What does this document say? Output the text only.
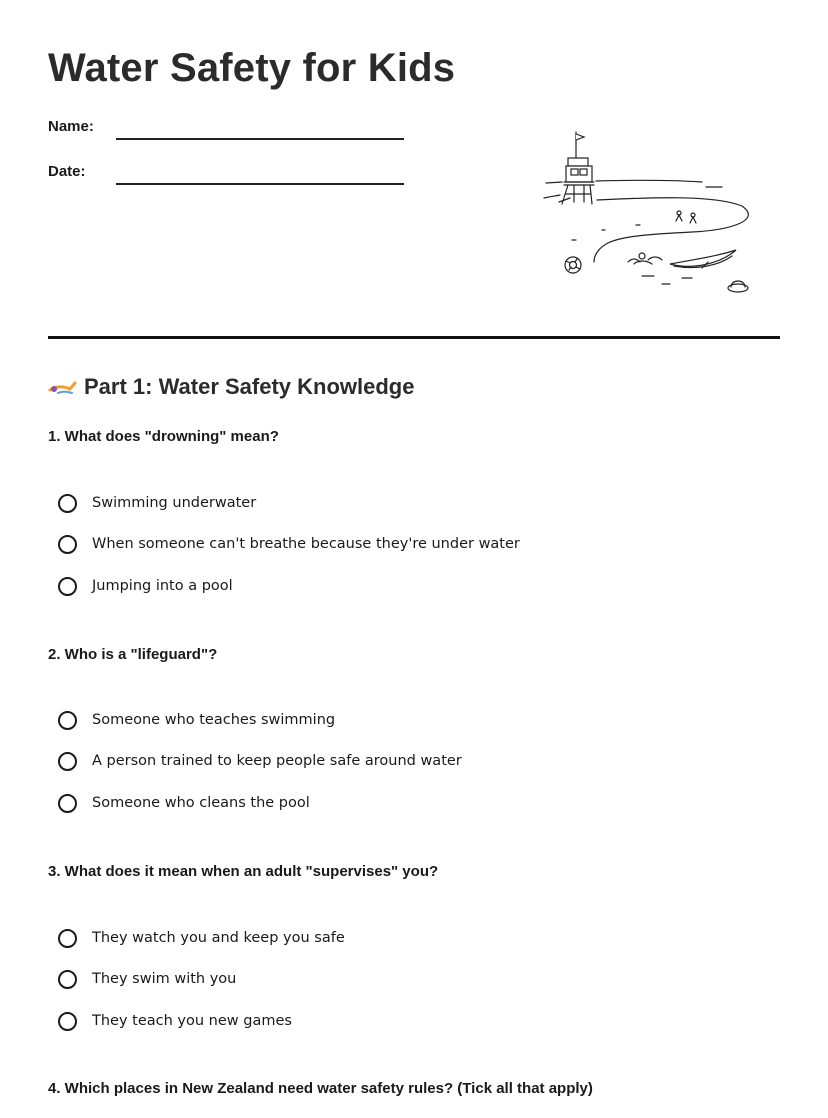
Water Safety for Kids
Name:
Date:
Part 1: Water Safety Knowledge
1. What does "drowning" mean?
Swimming underwater
When someone can't breathe because they're under water
Jumping into a pool
2. Who is a "lifeguard"?
Someone who teaches swimming
A person trained to keep people safe around water
Someone who cleans the pool
3. What does it mean when an adult "supervises" you?
They watch you and keep you safe
They swim with you
They teach you new games
4. Which places in New Zealand need water safety rules? (Tick all that apply)
